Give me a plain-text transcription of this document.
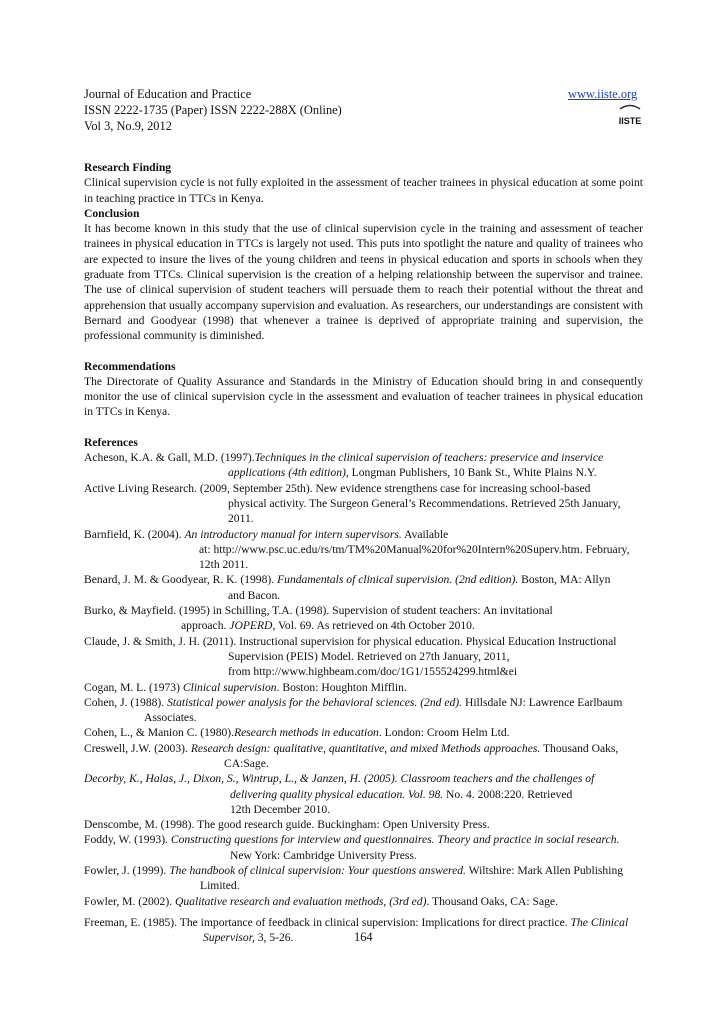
Journal of Education and Practice
ISSN 2222-1735 (Paper) ISSN 2222-288X (Online)
Vol 3, No.9, 2012
www.iiste.org
IISTE
Research Finding

Clinical supervision cycle is not fully exploited in the assessment of teacher trainees in physical education at some point in teaching practice in TTCs in Kenya.

Conclusion

It has become known in this study that the use of clinical supervision cycle in the training and assessment of teacher trainees in physical education in TTCs is largely not used. This puts into spotlight the nature and quality of trainees who are expected to insure the lives of the young children and teens in physical education and sports in schools when they graduate from TTCs. Clinical supervision is the creation of a helping relationship between the supervisor and trainee. The use of clinical supervision of student teachers will persuade them to reach their potential without the threat and apprehension that usually accompany supervision and evaluation. As researchers, our understandings are consistent with Bernard and Goodyear (1998) that whenever a trainee is deprived of appropriate training and supervision, the professional community is diminished.

Recommendations

The Directorate of Quality Assurance and Standards in the Ministry of Education should bring in and consequently monitor the use of clinical supervision cycle in the assessment and evaluation of teacher trainees in physical education in TTCs in Kenya.

References
Acheson, K.A. & Gall, M.D. (1997).Techniques in the clinical supervision of teachers: preservice and inservice
applications (4th edition), Longman Publishers, 10 Bank St., White Plains N.Y.
Active Living Research. (2009, September 25th). New evidence strengthens case for increasing school-based
physical activity. The Surgeon General’s Recommendations. Retrieved 25th January,
2011.
Barnfield, K. (2004). An introductory manual for intern supervisors. Available
at: http://www.psc.uc.edu/rs/tm/TM%20Manual%20for%20Intern%20Superv.htm. February,
12th 2011.
Benard, J. M. & Goodyear, R. K. (1998). Fundamentals of clinical supervision. (2nd edition). Boston, MA: Allyn
and Bacon.
Burko, & Mayfield. (1995) in Schilling, T.A. (1998). Supervision of student teachers: An invitational
approach. JOPERD, Vol. 69. As retrieved on 4th October 2010.
Claude, J. & Smith, J. H. (2011). Instructional supervision for physical education. Physical Education Instructional
Supervision (PEIS) Model. Retrieved on 27th January, 2011,
from http://www.highbeam.com/doc/1G1/155524299.html&ei
Cogan, M. L. (1973) Clinical supervision. Boston: Houghton Mifflin.
Cohen, J. (1988). Statistical power analysis for the behavioral sciences. (2nd ed). Hillsdale NJ: Lawrence Earlbaum
Associates.
Cohen, L., & Manion C. (1980).Research methods in education. London: Croom Helm Ltd.
Creswell, J.W. (2003). Research design: qualitative, quantitative, and mixed Methods approaches. Thousand Oaks,
CA:Sage.
Decorby, K., Halas, J., Dixon, S., Wintrup, L., & Janzen, H. (2005). Classroom teachers and the challenges of
delivering quality physical education. Vol. 98. No. 4. 2008:220. Retrieved
12th December 2010.
Denscombe, M. (1998). The good research guide. Buckingham: Open University Press.
Foddy, W. (1993). Constructing questions for interview and questionnaires. Theory and practice in social research.
New York: Cambridge University Press.
Fowler, J. (1999). The handbook of clinical supervision: Your questions answered. Wiltshire: Mark Allen Publishing
Limited.
Fowler, M. (2002). Qualitative research and evaluation methods, (3rd ed). Thousand Oaks, CA: Sage.
Freeman, E. (1985). The importance of feedback in clinical supervision: Implications for direct practice. The Clinical
Supervisor, 3, 5-26.	164
